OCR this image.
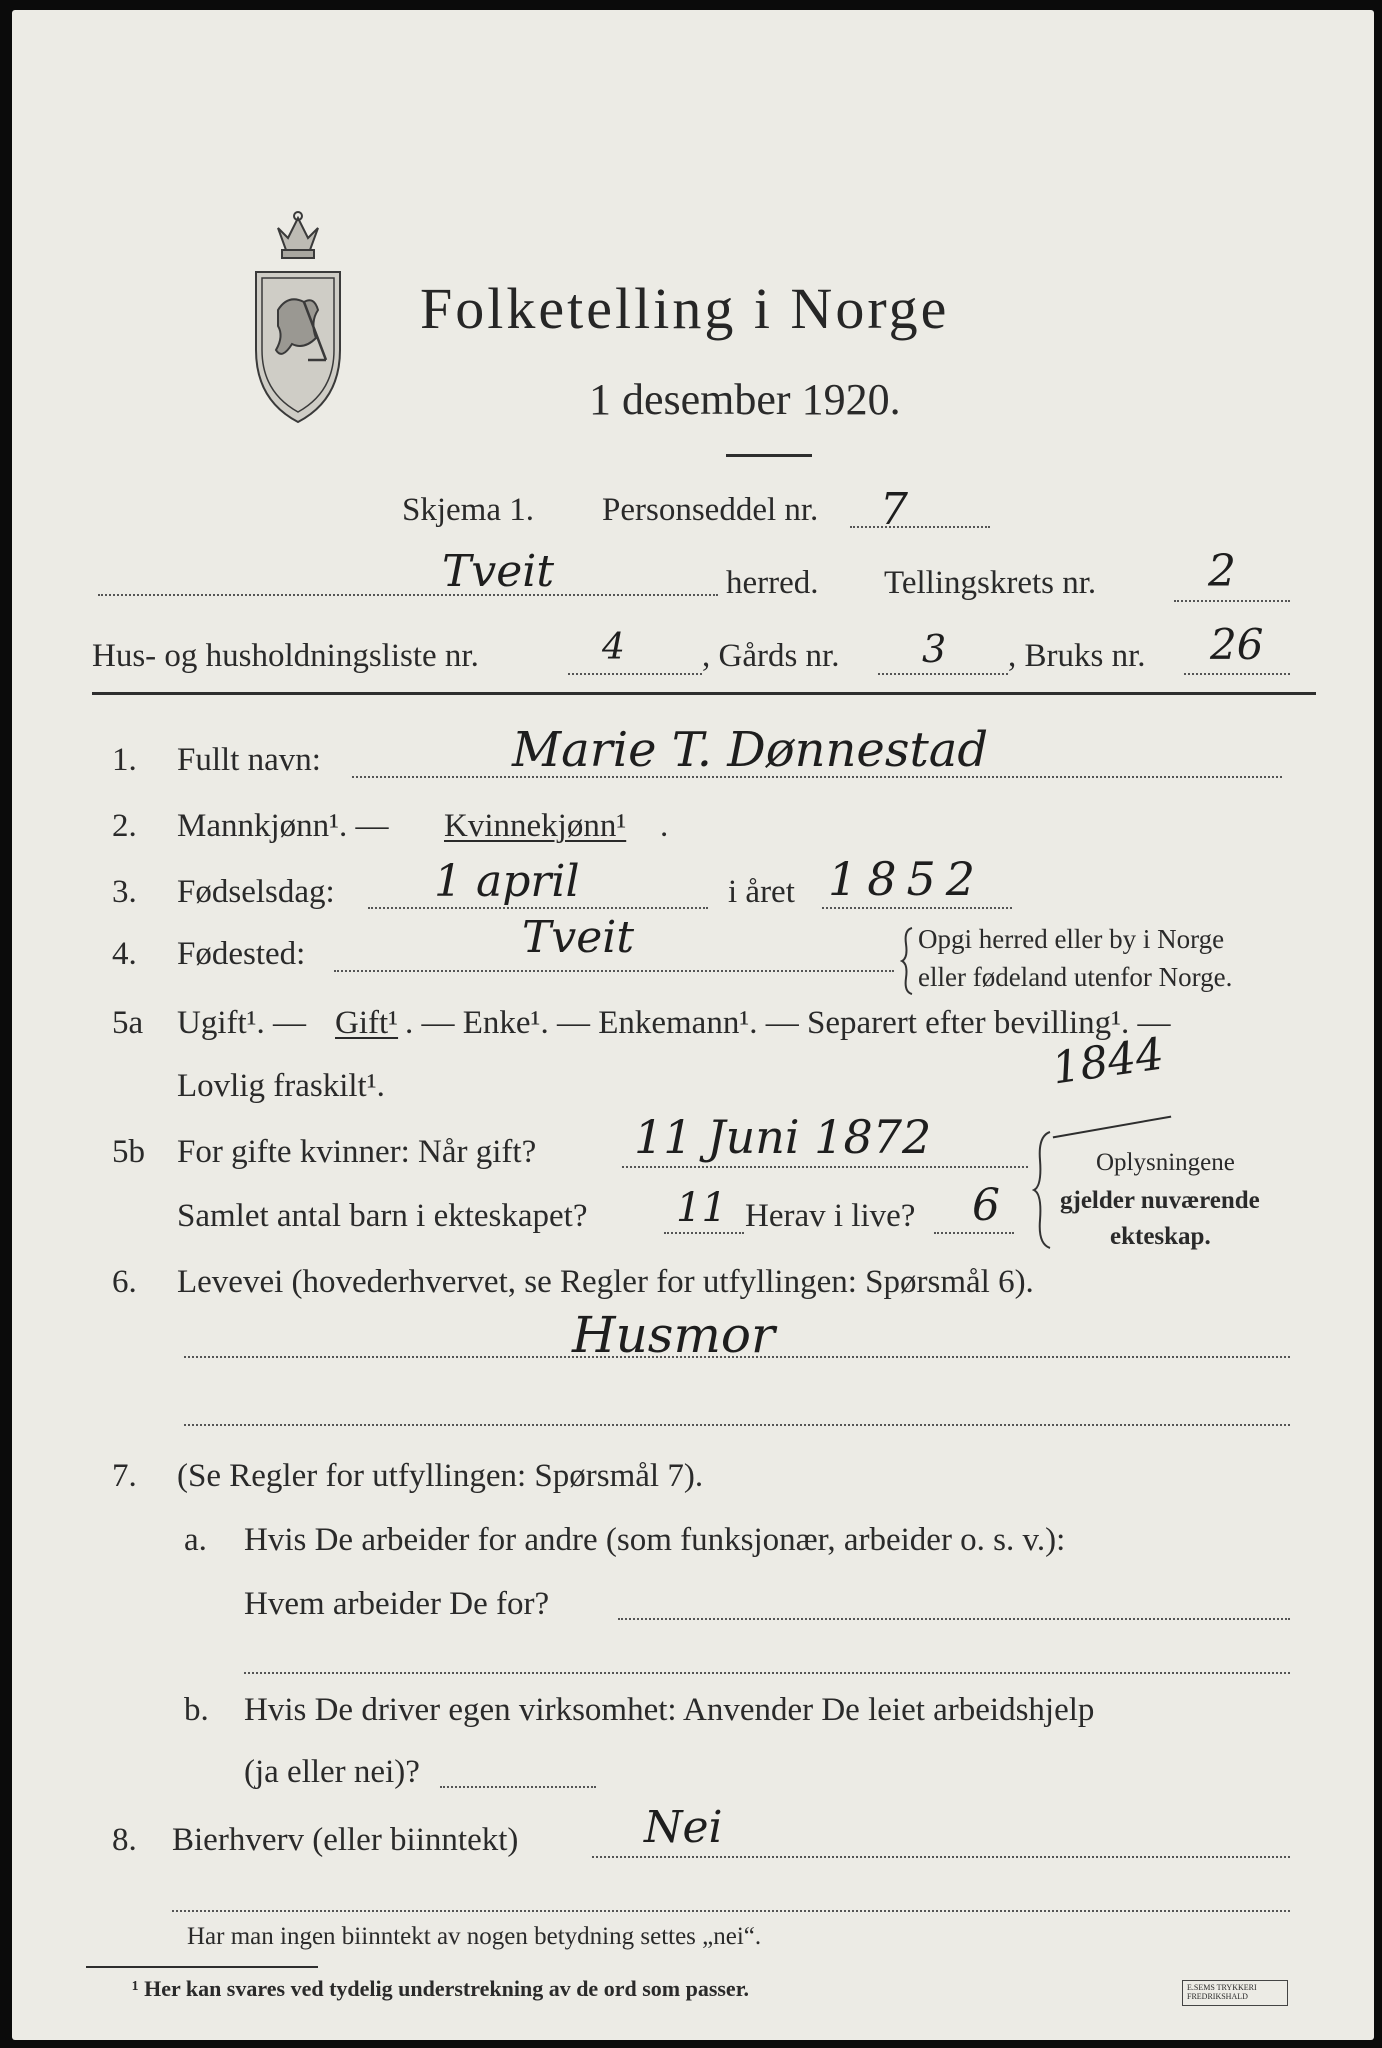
Folketelling i Norge
1 desember 1920.
Skjema 1. Personseddel nr. 7
Tveit	herred. Tellingskrets nr.	2
Hus- og husholdningsliste nr.	4 , Gårds nr. 3 , Bruks nr. 26
1. Fullt navn:	Marie T. Dønnestad
2. Mannkjønn¹. — Kvinnekjønn¹ .
3. Fødselsdag: 1 april	i året 1852
4. Fødested:	Tveit	Opgi herred eller by i Norge
eller fødeland utenfor Norge.
5a Ugift¹. — Gift¹ . — Enke¹. — Enkemann¹. — Separert efter bevilling¹. —
Lovlig fraskilt¹.	1844
5b For gifte kvinner: Når gift? 11 Juni 1872
Samlet antal barn i ekteskapet? 11 Herav i live? 6
Oplysningene
gjelder nuværende
ekteskap.
6. Levevei (hovederhvervet, se Regler for utfyllingen: Spørsmål 6).
Husmor
7. (Se Regler for utfyllingen: Spørsmål 7).
a. Hvis De arbeider for andre (som funksjonær, arbeider o. s. v.):
Hvem arbeider De for?
b. Hvis De driver egen virksomhet: Anvender De leiet arbeidshjelp
(ja eller nei)?
8. Bierhverv (eller biinntekt)	Nei
Har man ingen biinntekt av nogen betydning settes „nei“.
¹ Her kan svares ved tydelig understrekning av de ord som passer.	E.SEMS TRYKKERI FREDRIKSHALD
